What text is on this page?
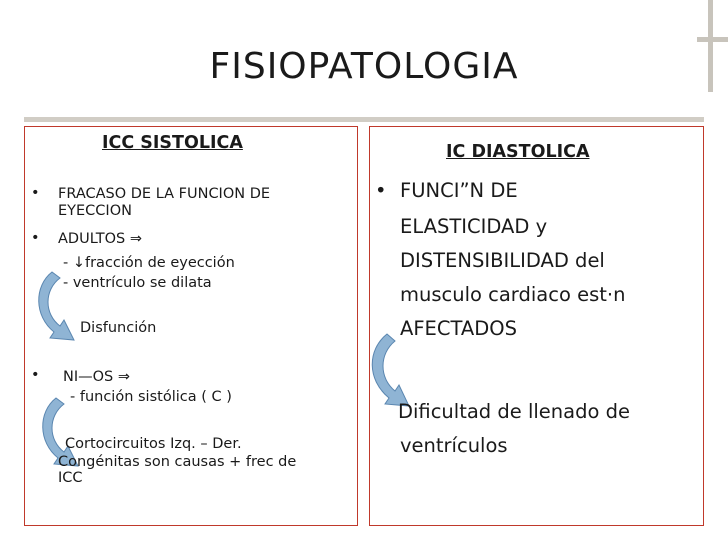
FISIOPATOLOGIA
ICC SISTOLICA
• FRACASO DE LA FUNCION DE
EYECCION
• ADULTOS ⇒
- ↓fracción de eyección
- ventrículo se dilata
Disfunción
• NI—OS ⇒
- función sistólica ( C )
Cortocircuitos Izq. – Der.
Congénitas son causas + frec de
ICC
IC DIASTOLICA
• FUNCI”N DE
ELASTICIDAD y
DISTENSIBILIDAD del
musculo cardiaco est·n
AFECTADOS
Dificultad de llenado de
ventrículos
